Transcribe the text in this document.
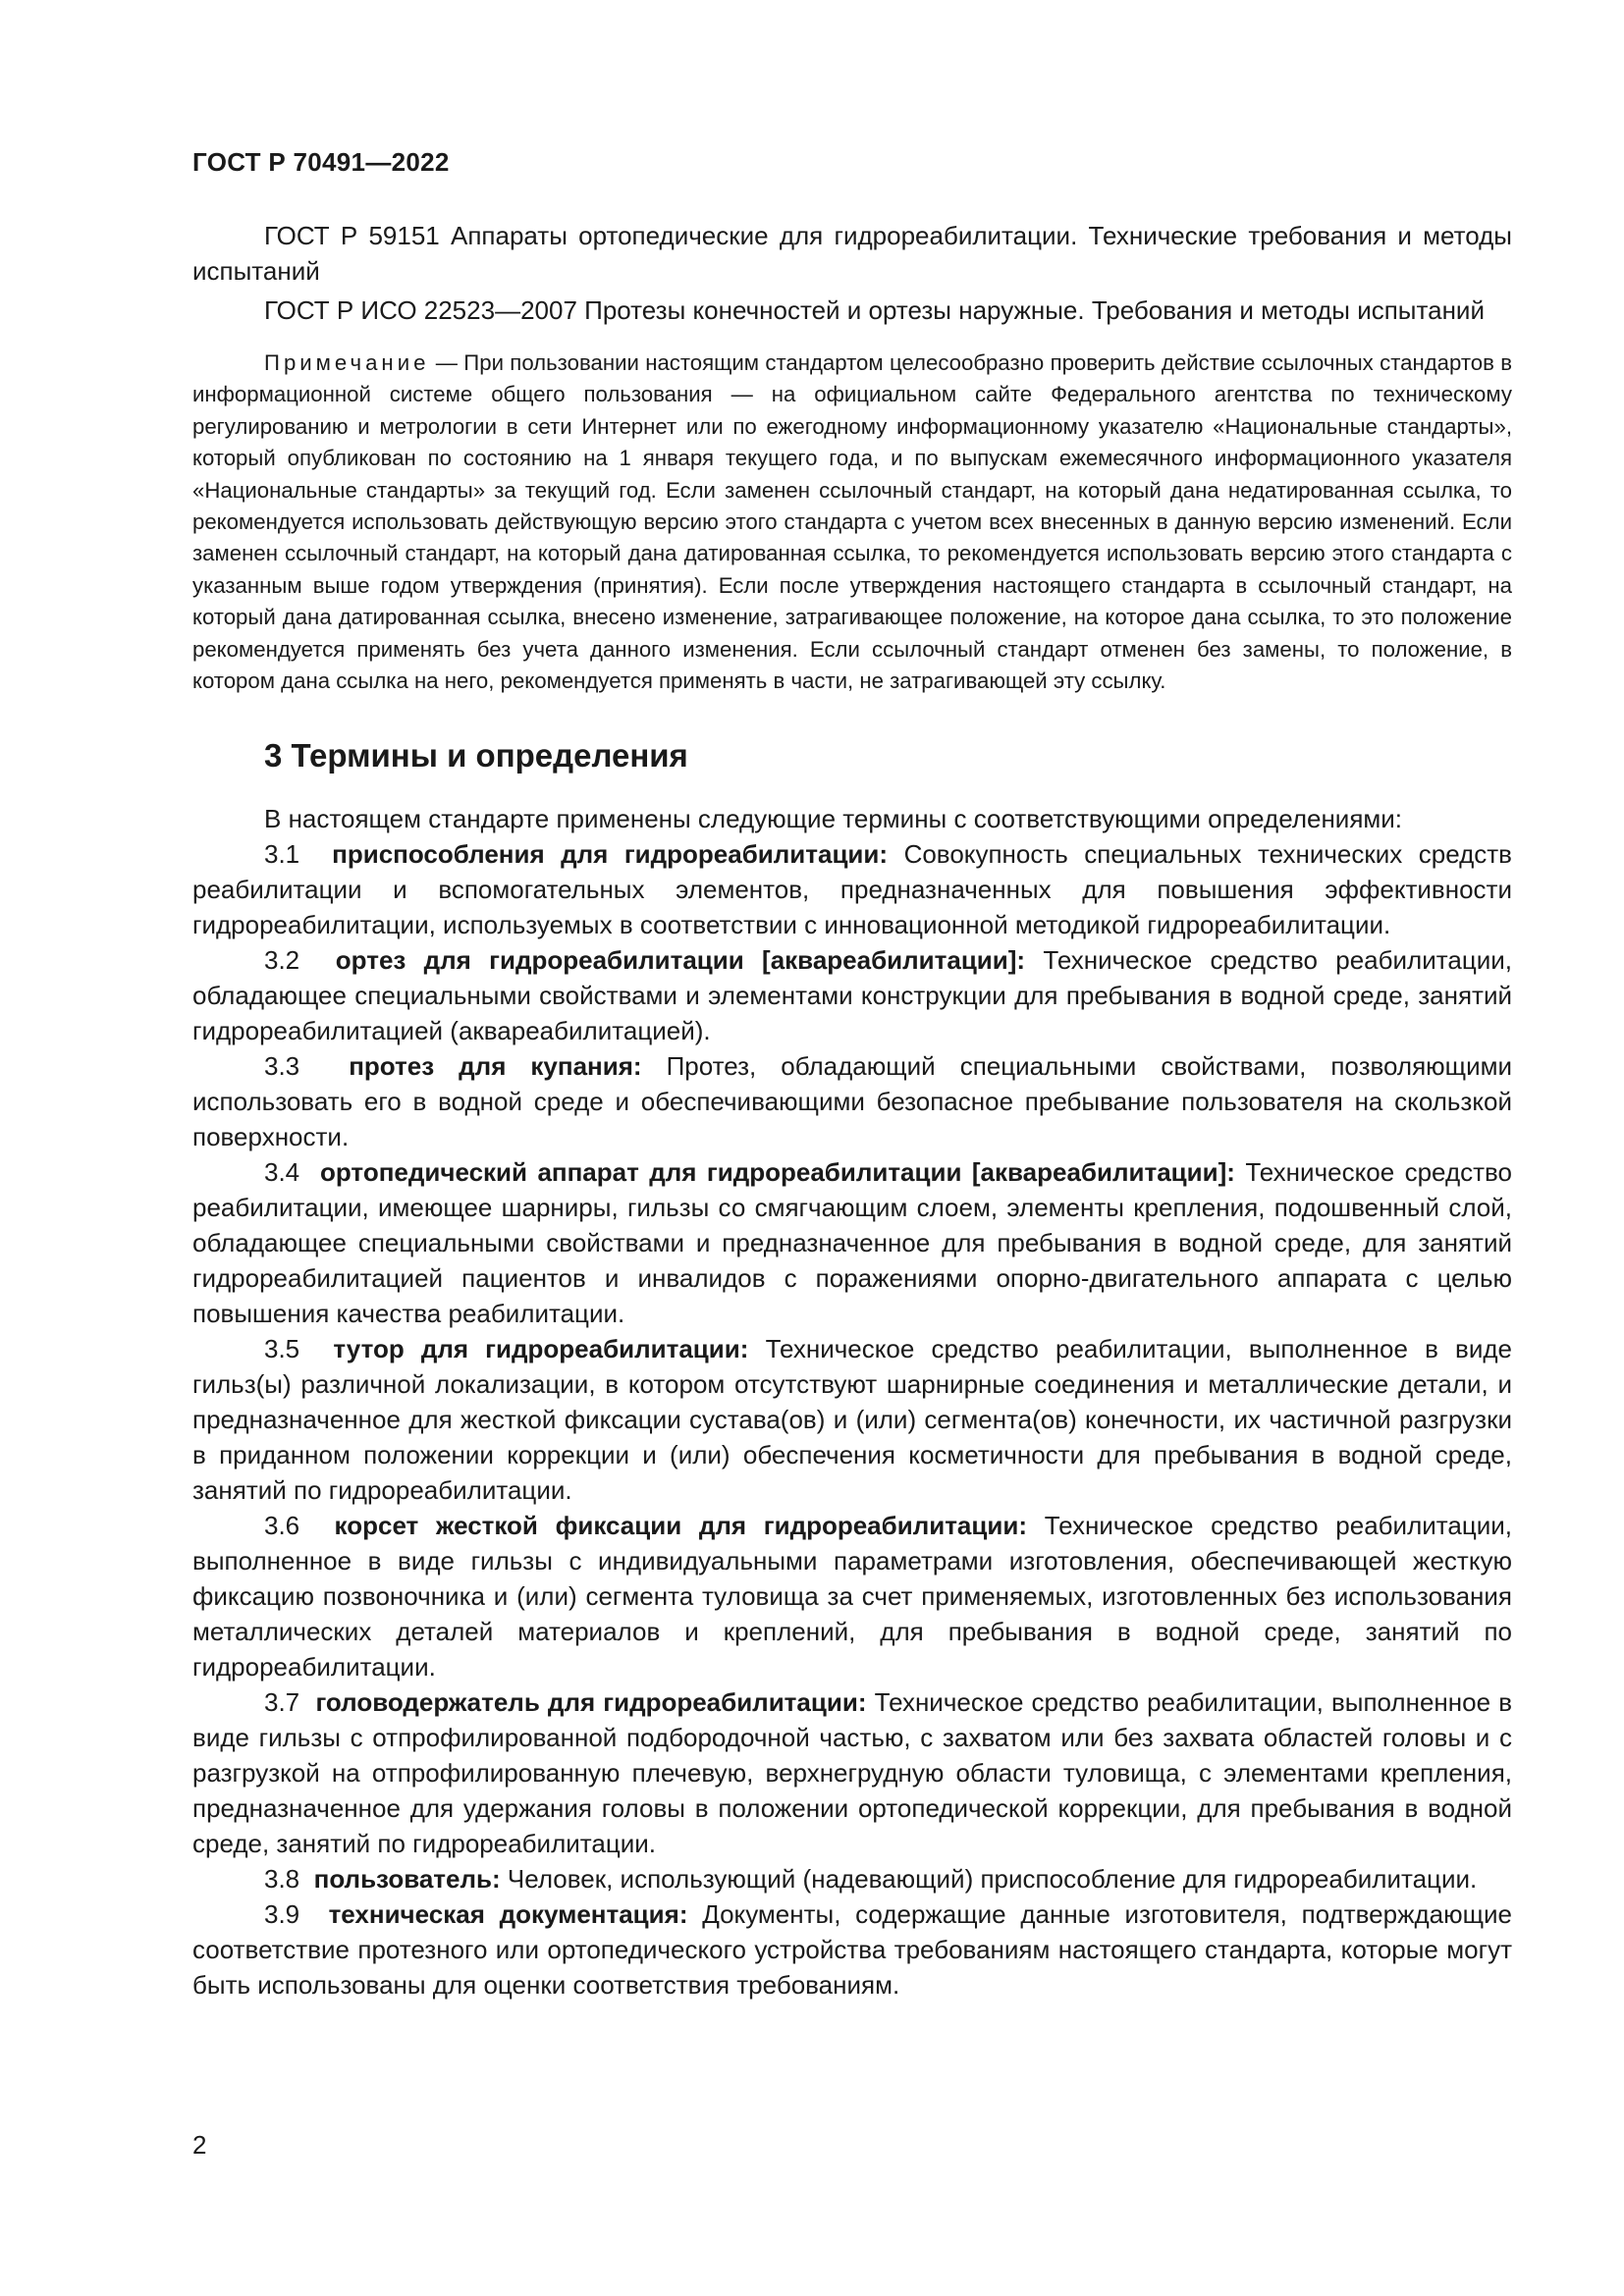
ГОСТ Р 70491—2022

ГОСТ Р 59151 Аппараты ортопедические для гидрореабилитации. Технические требования и методы испытаний

ГОСТ Р ИСО 22523—2007 Протезы конечностей и ортезы наружные. Требования и методы испытаний

Примечание — При пользовании настоящим стандартом целесообразно проверить действие ссылочных стандартов в информационной системе общего пользования — на официальном сайте Федерального агентства по техническому регулированию и метрологии в сети Интернет или по ежегодному информационному указателю «Национальные стандарты», который опубликован по состоянию на 1 января текущего года, и по выпускам ежемесячного информационного указателя «Национальные стандарты» за текущий год. Если заменен ссылочный стандарт, на который дана недатированная ссылка, то рекомендуется использовать действующую версию этого стандарта с учетом всех внесенных в данную версию изменений. Если заменен ссылочный стандарт, на который дана датированная ссылка, то рекомендуется использовать версию этого стандарта с указанным выше годом утверждения (принятия). Если после утверждения настоящего стандарта в ссылочный стандарт, на который дана датированная ссылка, внесено изменение, затрагивающее положение, на которое дана ссылка, то это положение рекомендуется применять без учета данного изменения. Если ссылочный стандарт отменен без замены, то положение, в котором дана ссылка на него, рекомендуется применять в части, не затрагивающей эту ссылку.

3 Термины и определения

В настоящем стандарте применены следующие термины с соответствующими определениями:

3.1 приспособления для гидрореабилитации: Совокупность специальных технических средств реабилитации и вспомогательных элементов, предназначенных для повышения эффективности гидрореабилитации, используемых в соответствии с инновационной методикой гидрореабилитации.

3.2 ортез для гидрореабилитации [аквареабилитации]: Техническое средство реабилитации, обладающее специальными свойствами и элементами конструкции для пребывания в водной среде, занятий гидрореабилитацией (аквареабилитацией).

3.3 протез для купания: Протез, обладающий специальными свойствами, позволяющими использовать его в водной среде и обеспечивающими безопасное пребывание пользователя на скользкой поверхности.

3.4 ортопедический аппарат для гидрореабилитации [аквареабилитации]: Техническое средство реабилитации, имеющее шарниры, гильзы со смягчающим слоем, элементы крепления, подошвенный слой, обладающее специальными свойствами и предназначенное для пребывания в водной среде, для занятий гидрореабилитацией пациентов и инвалидов с поражениями опорно-двигательного аппарата с целью повышения качества реабилитации.

3.5 тутор для гидрореабилитации: Техническое средство реабилитации, выполненное в виде гильз(ы) различной локализации, в котором отсутствуют шарнирные соединения и металлические детали, и предназначенное для жесткой фиксации сустава(ов) и (или) сегмента(ов) конечности, их частичной разгрузки в приданном положении коррекции и (или) обеспечения косметичности для пребывания в водной среде, занятий по гидрореабилитации.

3.6 корсет жесткой фиксации для гидрореабилитации: Техническое средство реабилитации, выполненное в виде гильзы с индивидуальными параметрами изготовления, обеспечивающей жесткую фиксацию позвоночника и (или) сегмента туловища за счет применяемых, изготовленных без использования металлических деталей материалов и креплений, для пребывания в водной среде, занятий по гидрореабилитации.

3.7 головодержатель для гидрореабилитации: Техническое средство реабилитации, выполненное в виде гильзы с отпрофилированной подбородочной частью, с захватом или без захвата областей головы и с разгрузкой на отпрофилированную плечевую, верхнегрудную области туловища, с элементами крепления, предназначенное для удержания головы в положении ортопедической коррекции, для пребывания в водной среде, занятий по гидрореабилитации.

3.8 пользователь: Человек, использующий (надевающий) приспособление для гидрореабилитации.

3.9 техническая документация: Документы, содержащие данные изготовителя, подтверждающие соответствие протезного или ортопедического устройства требованиям настоящего стандарта, которые могут быть использованы для оценки соответствия требованиям.

2
